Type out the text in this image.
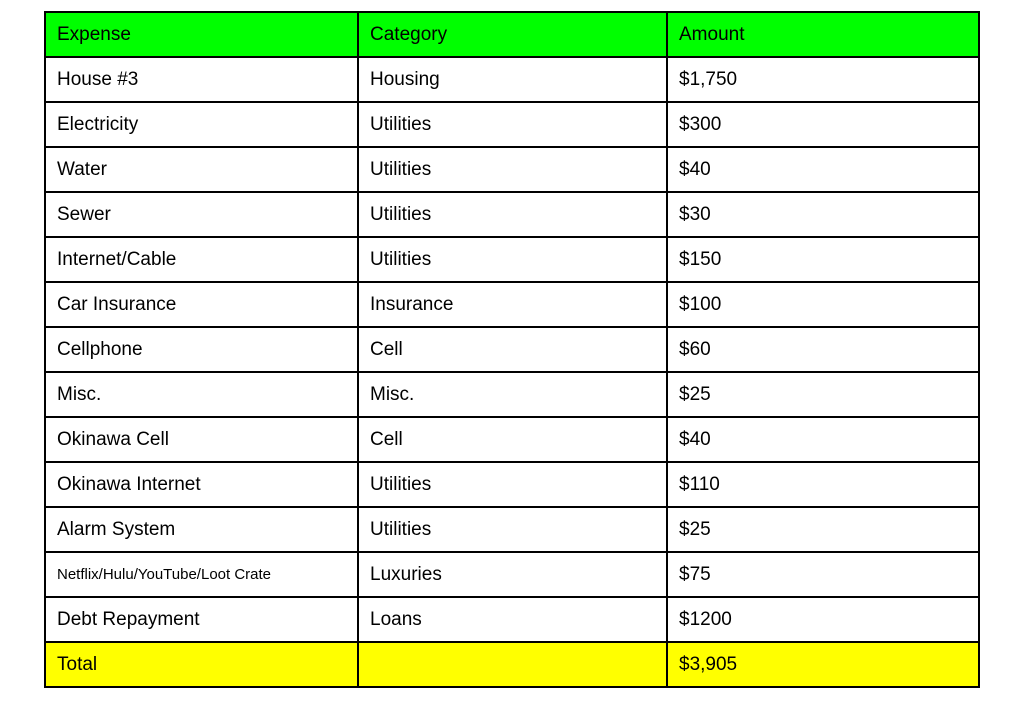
Expense	Category	Amount
House #3	Housing	$1,750
Electricity	Utilities	$300
Water	Utilities	$40
Sewer	Utilities	$30
Internet/Cable	Utilities	$150
Car Insurance	Insurance	$100
Cellphone	Cell	$60
Misc.	Misc.	$25
Okinawa Cell	Cell	$40
Okinawa Internet	Utilities	$110
Alarm System	Utilities	$25
Netflix/Hulu/YouTube/Loot Crate	Luxuries	$75
Debt Repayment	Loans	$1200
Total		$3,905
